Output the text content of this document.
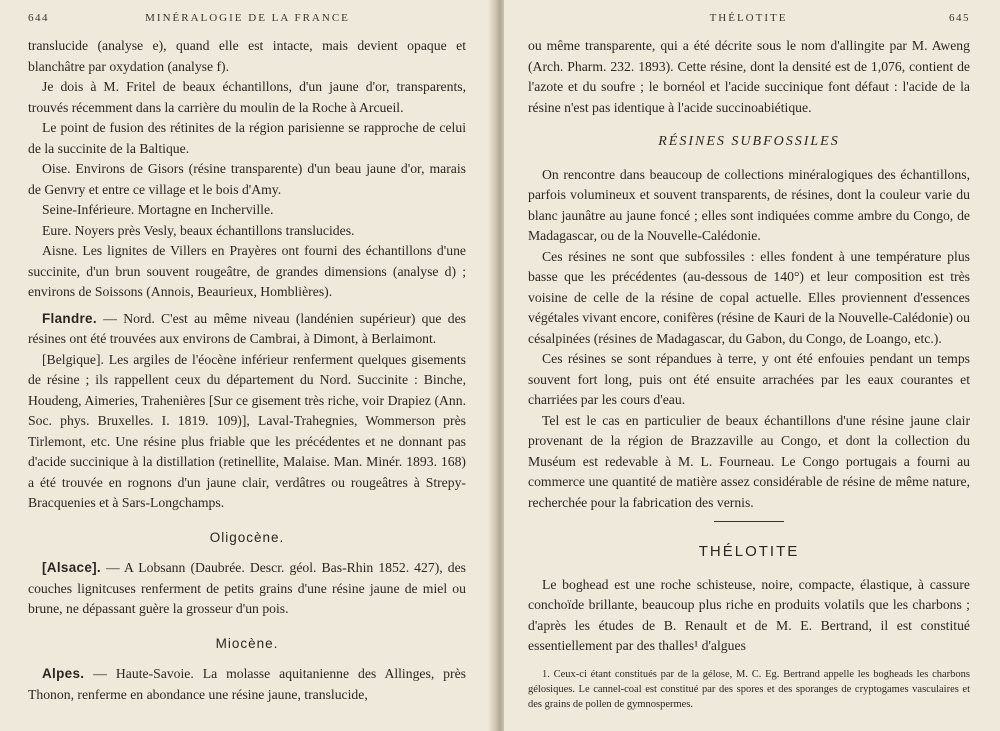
644	MINÉRALOGIE DE LA FRANCE

translucide (analyse e), quand elle est intacte, mais devient opaque et blanchâtre par oxydation (analyse f).

Je dois à M. Fritel de beaux échantillons, d'un jaune d'or, transparents, trouvés récemment dans la carrière du moulin de la Roche à Arcueil.

Le point de fusion des rétinites de la région parisienne se rapproche de celui de la succinite de la Baltique.

Oise. Environs de Gisors (résine transparente) d'un beau jaune d'or, marais de Genvry et entre ce village et le bois d'Amy.

Seine-Inférieure. Mortagne en Incherville.

Eure. Noyers près Vesly, beaux échantillons translucides.

Aisne. Les lignites de Villers en Prayères ont fourni des échantillons d'une succinite, d'un brun souvent rougeâtre, de grandes dimensions (analyse d) ; environs de Soissons (Annois, Beaurieux, Homblières).

Flandre. — Nord. C'est au même niveau (landénien supérieur) que des résines ont été trouvées aux environs de Cambrai, à Dimont, à Berlaimont.

[Belgique]. Les argiles de l'éocène inférieur renferment quelques gisements de résine ; ils rappellent ceux du département du Nord. Succinite : Binche, Houdeng, Aimeries, Trahenières [Sur ce gisement très riche, voir Drapiez (Ann. Soc. phys. Bruxelles. I. 1819. 109)], Laval-Trahegnies, Wommerson près Tirlemont, etc. Une résine plus friable que les précédentes et ne donnant pas d'acide succinique à la distillation (retinellite, Malaise. Man. Minér. 1893. 168) a été trouvée en rognons d'un jaune clair, verdâtres ou rougeâtres à Strepy-Bracquenies et à Sars-Longchamps.

Oligocène.

[Alsace]. — A Lobsann (Daubrée. Descr. géol. Bas-Rhin 1852. 427), des couches lignitcuses renferment de petits grains d'une résine jaune de miel ou brune, ne dépassant guère la grosseur d'un pois.

Miocène.

Alpes. — Haute-Savoie. La molasse aquitanienne des Allinges, près Thonon, renferme en abondance une résine jaune, translucide,

THÉLOTITE	645

ou même transparente, qui a été décrite sous le nom d'allingite par M. Aweng (Arch. Pharm. 232. 1893). Cette résine, dont la densité est de 1,076, contient de l'azote et du soufre ; le bornéol et l'acide succinique font défaut : l'acide de la résine n'est pas identique à l'acide succinoabiétique.

RÉSINES SUBFOSSILES

On rencontre dans beaucoup de collections minéralogiques des échantillons, parfois volumineux et souvent transparents, de résines, dont la couleur varie du blanc jaunâtre au jaune foncé ; elles sont indiquées comme ambre du Congo, de Madagascar, ou de la Nouvelle-Calédonie.

Ces résines ne sont que subfossiles : elles fondent à une température plus basse que les précédentes (au-dessous de 140°) et leur composition est très voisine de celle de la résine de copal actuelle. Elles proviennent d'essences végétales vivant encore, conifères (résine de Kauri de la Nouvelle-Calédonie) ou césalpinées (résines de Madagascar, du Gabon, du Congo, de Loango, etc.).

Ces résines se sont répandues à terre, y ont été enfouies pendant un temps souvent fort long, puis ont été ensuite arrachées par les eaux courantes et charriées par les cours d'eau.

Tel est le cas en particulier de beaux échantillons d'une résine jaune clair provenant de la région de Brazzaville au Congo, et dont la collection du Muséum est redevable à M. L. Fourneau. Le Congo portugais a fourni au commerce une quantité de matière assez considérable de résine de même nature, recherchée pour la fabrication des vernis.

THÉLOTITE

Le boghead est une roche schisteuse, noire, compacte, élastique, à cassure conchoïde brillante, beaucoup plus riche en produits volatils que les charbons ; d'après les études de B. Renault et de M. E. Bertrand, il est constitué essentiellement par des thalles¹ d'algues

1. Ceux-ci étant constitués par de la gélose, M. C. Eg. Bertrand appelle les bogheads les charbons gélosiques. Le cannel-coal est constitué par des spores et des sporanges de cryptogames vasculaires et des grains de pollen de gymnospermes.
